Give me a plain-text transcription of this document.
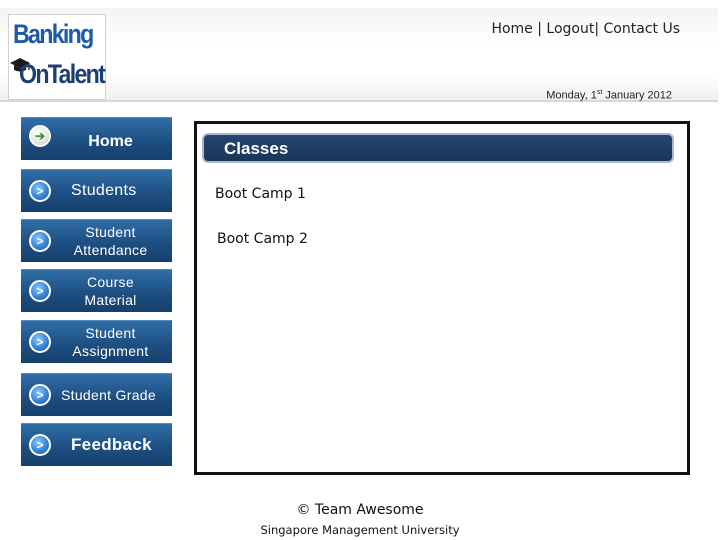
Banking
OnTalent
Home | Logout| Contact Us
Monday, 1st January 2012
➔	Home
>	Students
>
Student
Attendance
>
Course
Material
>
Student
Assignment
>	Student Grade
>	Feedback
Classes
Boot Camp 1
Boot Camp 2
© Team Awesome
Singapore Management University
